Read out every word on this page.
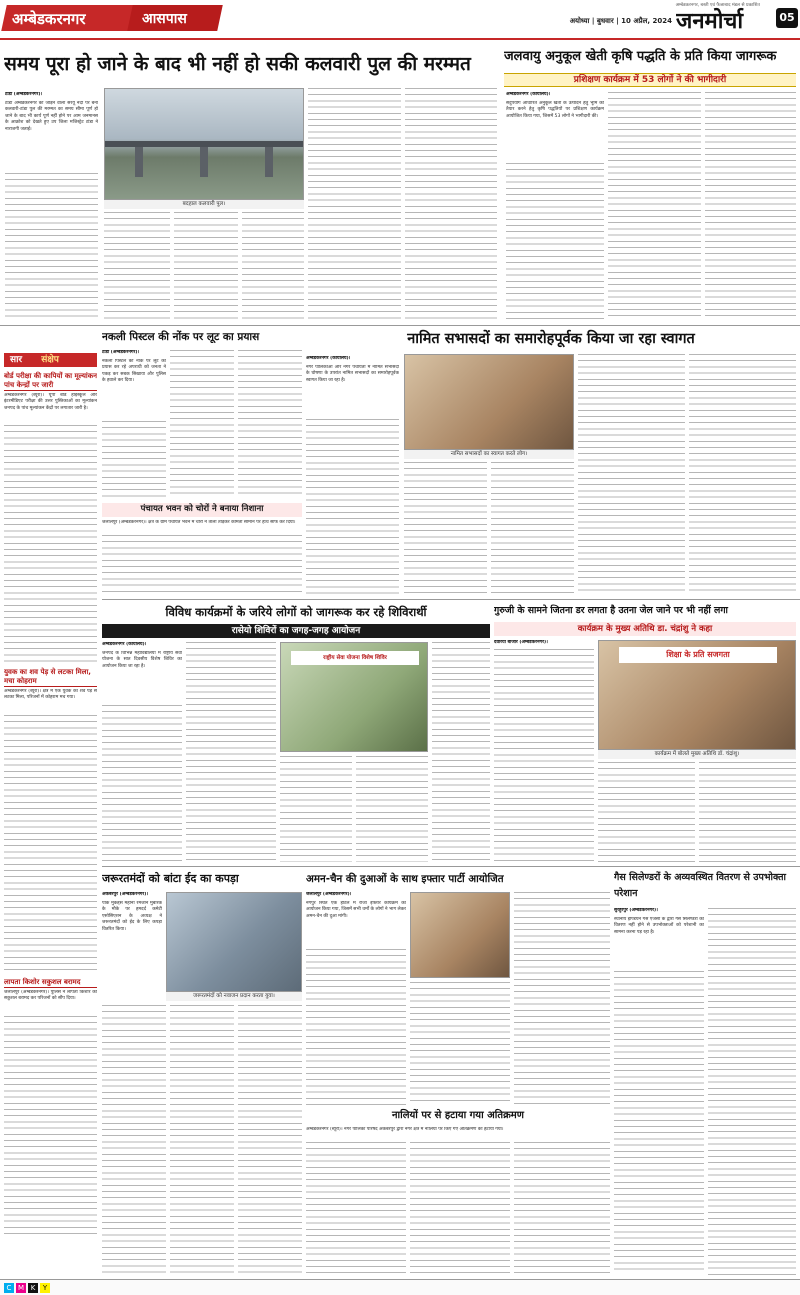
अम्बेडकरनगर	आसपास
अम्बेडकरनगर, बस्ती एवं फैजाबाद मंडल से प्रकाशित
अयोध्या | बुधवार | 10 अप्रैल, 2024 जनमोर्चा	05
समय पूरा हो जाने के बाद भी नहीं हो सकी कलवारी पुल की मरम्मत
टांडा (अम्बेडकरनगर)।
टांडा अम्बेडकरनगर को जोड़ने वाला सरयू नदी पर बना कलवारी-टांडा पुल की मरम्मत का समय सीमा पूर्ण हो जाने के बाद भी कार्य पूर्ण नहीं होने पर आम जनमानस के आक्रोश को देखते हुए उप जिला मजिस्ट्रेट टांडा ने नाराजगी जताई।
बदहाल कलवारी पुल।
जलवायु अनुकूल खेती कृषि पद्धति के प्रति किया जागरूक
प्रशिक्षण कार्यक्रम में 53 लोगों ने की भागीदारी
अम्बेडकरनगर (कार्यालय)।
सदुपयोग आधारित अनुकूल खेती के उत्पादन हेतु भूमि को तैयार करने हेतु कृषि पद्धतियों पर प्रशिक्षण कार्यक्रम आयोजित किया गया, जिसमें 53 लोगों ने भागीदारी की।
सार संक्षेप
बोर्ड परीक्षा की कापियों का मूल्यांकन पांच केन्द्रों पर जारी
अम्बेडकरनगर (ब्यूरो)। यूपी बोर्ड हाईस्कूल और इंटरमीडिएट परीक्षा की उत्तर पुस्तिकाओं का मूल्यांकन जनपद के पांच मूल्यांकन केंद्रों पर लगातार जारी है।
युवक का शव पेड़ से लटका मिला, मचा कोहराम
अम्बेडकरनगर (ब्यूरो)। क्षेत्र में एक युवक का शव पेड़ से लटका मिला, परिजनों में कोहराम मच गया।
लापता किशोर सकुशल बरामद
जलालपुर (अम्बेडकरनगर)। पुलिस ने लापता किशोर को सकुशल बरामद कर परिजनों को सौंप दिया।
नकली पिस्टल की नोंक पर लूट का प्रयास
टांडा (अम्बेडकरनगर)।
नकली पिस्टल की नोंक पर लूट का प्रयास कर रहे अपराधी को जनता ने पकड़ कर सबक सिखाया और पुलिस के हवाले कर दिया।
पंचायत भवन को चोरों ने बनाया निशाना
जलालपुर (अम्बेडकरनगर)। क्षेत्र के ग्राम पंचायत भवन में चोरों ने ताला तोड़कर कीमती सामान पर हाथ साफ कर दिया।
नामित सभासदों का समारोहपूर्वक किया जा रहा स्वागत
अम्बेडकरनगर (कार्यालय)।
नगर पालिकाओं और नगर पंचायतों में नामित सभासदों के घोषणा के उपरांत नामित सभासदों का समारोहपूर्वक स्वागत किया जा रहा है।
नामित सभासदों का स्वागत करते लोग।
विविध कार्यक्रमों के जरिये लोगों को जागरूक कर रहे शिविरार्थी
रासेयो शिविरों का जगह-जगह आयोजन
अम्बेडकरनगर (कार्यालय)।
जनपद के विभिन्न महाविद्यालयों में राष्ट्रीय सेवा योजना के सात दिवसीय विशेष शिविर का आयोजन किया जा रहा है।
राष्ट्रीय सेवा योजना विशेष शिविर
गुरुजी के सामने जितना डर लगता है उतना जेल जाने पर भी नहीं लगा
कार्यक्रम के मुख्य अतिथि डा. चंद्रांशु ने कहा
देवरिया बाजार (अम्बेडकरनगर)।
शिक्षा के प्रति सजगता
कार्यक्रम में बोलते मुख्य अतिथि डॉ. चंद्रांशु।
जरूरतमंदों को बांटा ईद का कपड़ा
अकबरपुर (अम्बेडकरनगर)।
पाक मुकद्दस महीना रमजान मुबारक के मौके पर हमदर्द कमेटी एसोसिएशन के अध्यक्ष ने जरूरतमंदों को ईद के लिए कपड़ा वितरित किया।
जरूरतमंदों को नवाजन प्रदान करता युवा।
अमन-चैन की दुआओं के साथ इफ्तार पार्टी आयोजित
जलालपुर (अम्बेडकरनगर)।
नगपुर स्थित एक होटल में रोजा इफ्तार कार्यक्रम का आयोजन किया गया, जिसमें सभी धर्मों के लोगों ने भाग लेकर अमन-चैन की दुआ मांगी।
नालियों पर से हटाया गया अतिक्रमण
अम्बेडकरनगर (ब्यूरो)। नगर पालिका परिषद अकबरपुर द्वारा नगर क्षेत्र में नालियों पर किए गए अतिक्रमण को हटाया गया।
गैस सिलेण्डरों के अव्यवस्थित वितरण से उपभोक्ता परेशान
सुरहुरपुर (अम्बेडकरनगर)।
स्थानीय इण्डियन गैस एजेंसी के द्वारा गैस सिलेण्डरों का वितरण नहीं होने से उपभोक्ताओं को परेशानी का सामना करना पड़ रहा है।
C M K	Y
